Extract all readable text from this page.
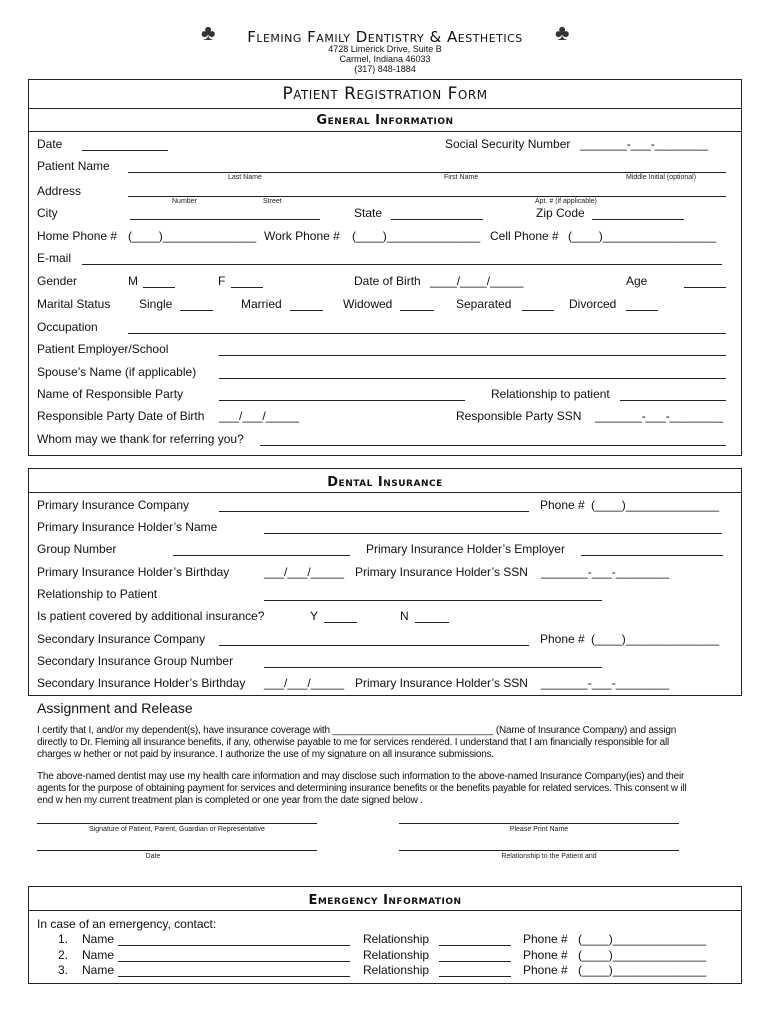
♣	♣
Fleming Family Dentistry & Aesthetics
4728 Limerick Drive, Suite B
Carmel, Indiana 46033
(317) 848-1884
Patient Registration Form
General Information
Date	Social Security Number _______-___-________
Patient Name
Last Name	First Name	Middle Initial (optional)
Address
Number	Street	Apt. # (if applicable)
City	State	Zip Code
Home Phone # (____)______________ Work Phone # (____)______________ Cell Phone # (____)_________________
E-mail
Gender	M	F	Date of Birth ____/____/_____	Age
Marital Status Single	Married	Widowed	Separated	Divorced
Occupation
Patient Employer/School
Spouse’s Name (if applicable)
Name of Responsible Party	Relationship to patient
Responsible Party Date of Birth ___/___/_____	Responsible Party SSN _______-___-________
Whom may we thank for referring you?
Dental Insurance
Primary Insurance Company	Phone # (____)______________
Primary Insurance Holder’s Name
Group Number	Primary Insurance Holder’s Employer
Primary Insurance Holder’s Birthday	___/___/_____ Primary Insurance Holder’s SSN _______-___-________
Relationship to Patient
Is patient covered by additional insurance?	Y	N
Secondary Insurance Company	Phone # (____)______________
Secondary Insurance Group Number
Secondary Insurance Holder’s Birthday ___/___/_____ Primary Insurance Holder’s SSN _______-___-________
Assignment and Release
I certify that I, and/or my dependent(s), have insurance coverage with ______________________________ (Name of Insurance Company) and assign
directly to Dr. Fleming all insurance benefits, if any, otherwise payable to me for services rendered. I understand that I am financially responsible for all
charges w hether or not paid by insurance. I authorize the use of my signature on all insurance submissions.
The above-named dentist may use my health care information and may disclose such information to the above-named Insurance Company(ies) and their
agents for the purpose of obtaining payment for services and determining insurance benefits or the benefits payable for related services. This consent w ill
end w hen my current treatment plan is completed or one year from the date signed below .
Signature of Patient, Parent, Guardian or Representative	Please Print Name
Date	Relationship to the Patient and
Emergency Information
In case of an emergency, contact:
1. Name	Relationship	Phone # (____)______________
2. Name	Relationship	Phone # (____)______________
3. Name	Relationship	Phone # (____)______________
